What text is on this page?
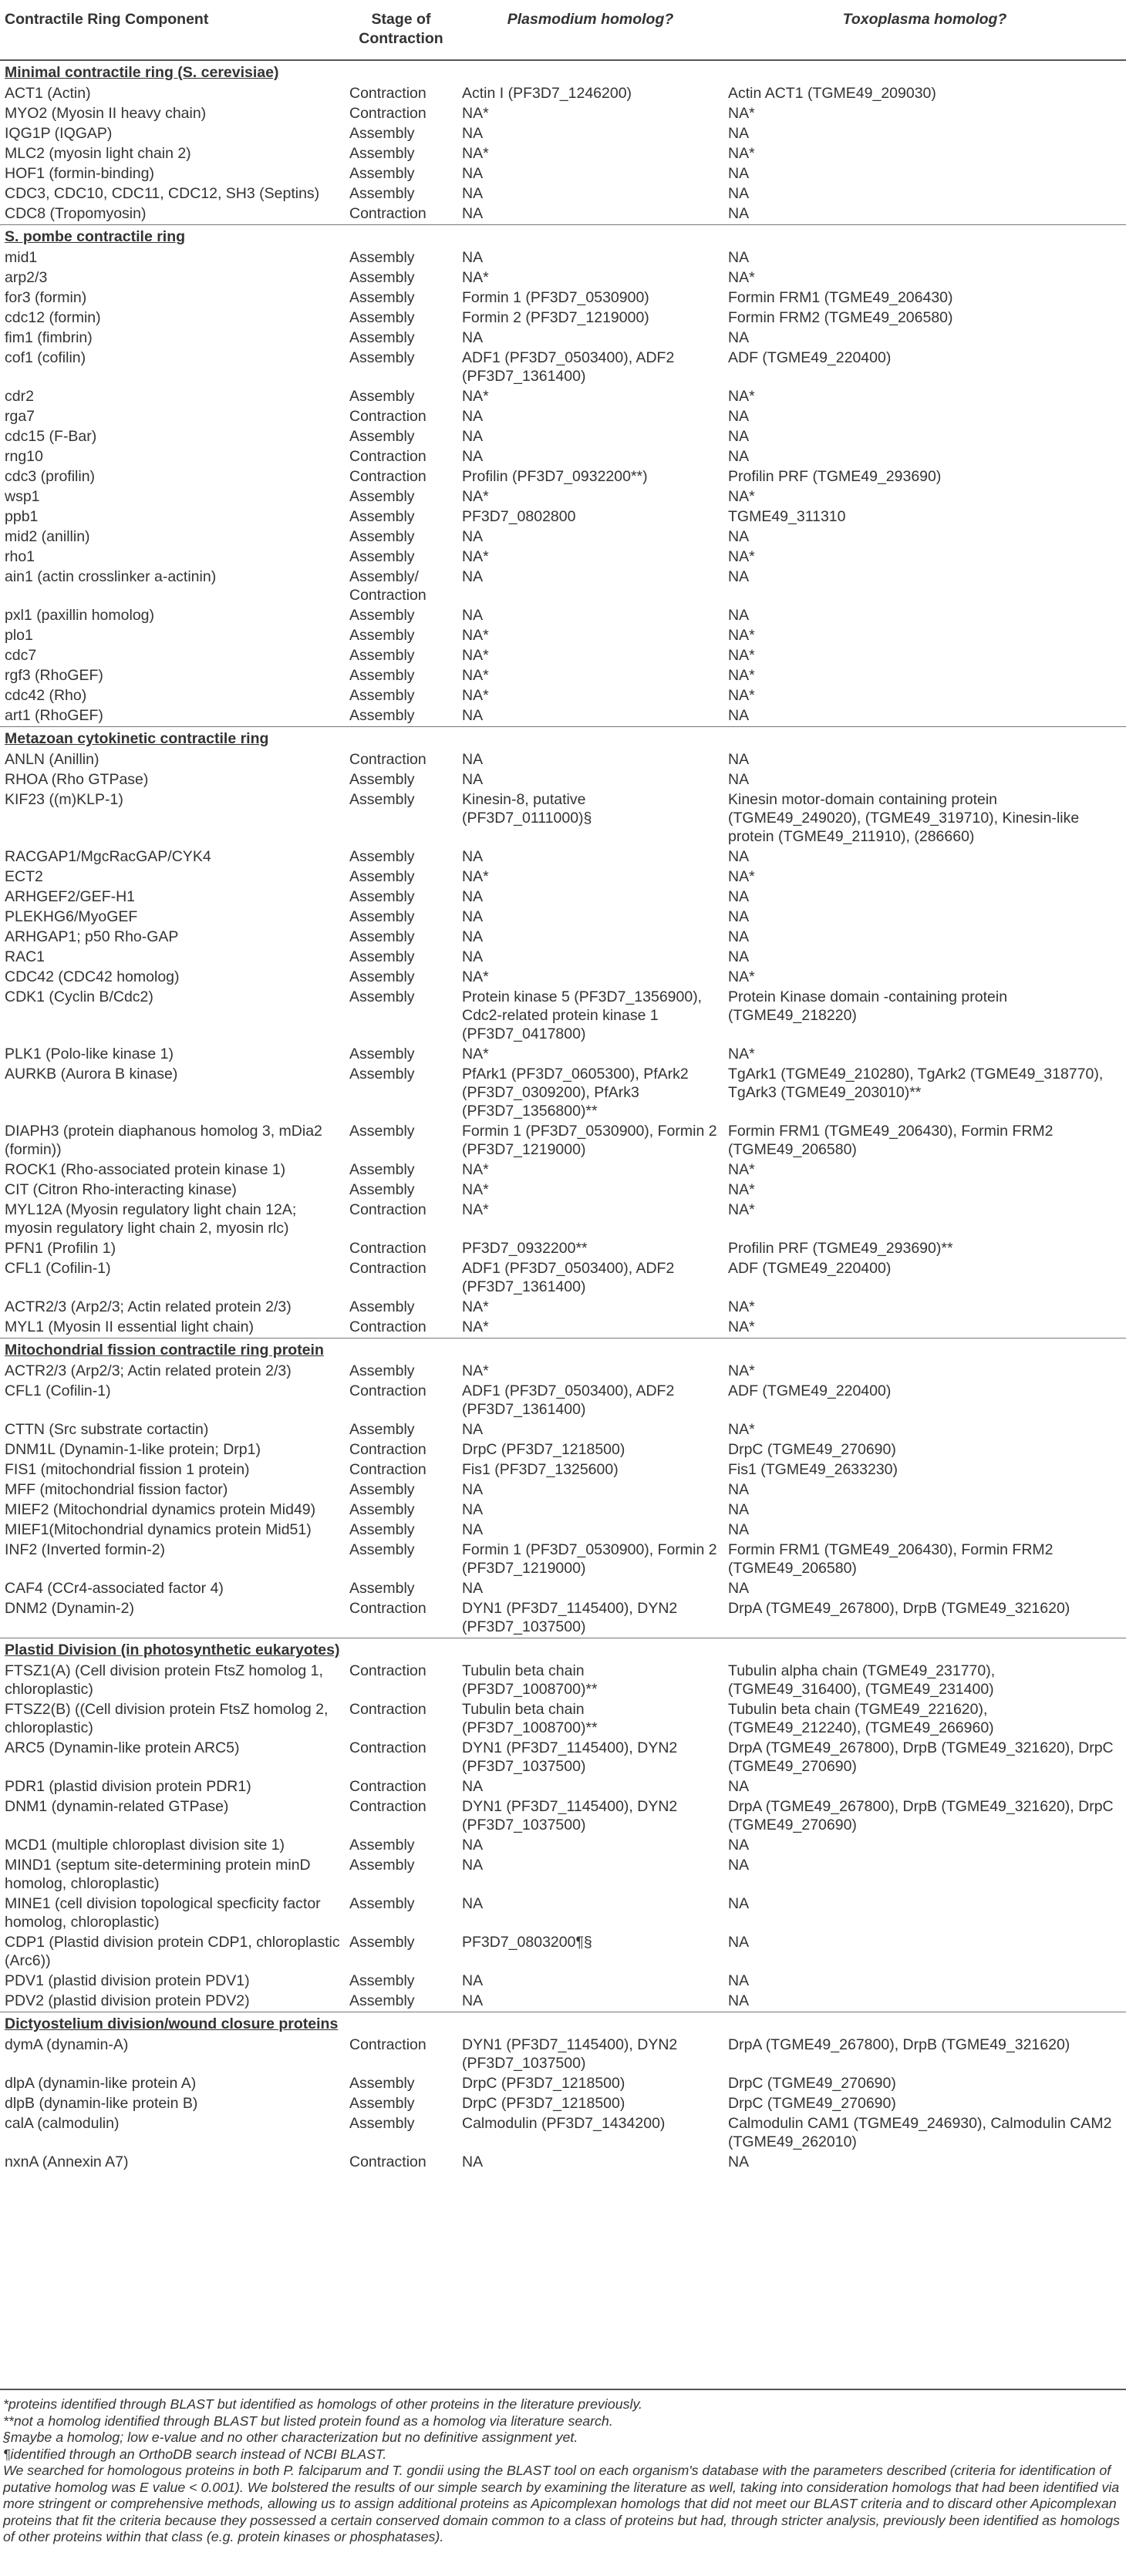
Contractile Ring Component	Stage of Contraction	Plasmodium homolog?	Toxoplasma homolog?
Minimal contractile ring (S. cerevisiae)			
ACT1 (Actin)	Contraction	Actin I (PF3D7_1246200)	Actin ACT1 (TGME49_209030)
MYO2 (Myosin II heavy chain)	Contraction	NA*	NA*
IQG1P (IQGAP)	Assembly	NA	NA
MLC2 (myosin light chain 2)	Assembly	NA*	NA*
HOF1 (formin-binding)	Assembly	NA	NA
CDC3, CDC10, CDC11, CDC12, SH3 (Septins)	Assembly	NA	NA
CDC8 (Tropomyosin)	Contraction	NA	NA
S. pombe contractile ring			
mid1	Assembly	NA	NA
arp2/3	Assembly	NA*	NA*
for3 (formin)	Assembly	Formin 1 (PF3D7_0530900)	Formin FRM1 (TGME49_206430)
cdc12 (formin)	Assembly	Formin 2 (PF3D7_1219000)	Formin FRM2 (TGME49_206580)
fim1 (fimbrin)	Assembly	NA	NA
cof1 (cofilin)	Assembly	ADF1 (PF3D7_0503400), ADF2 (PF3D7_1361400)	ADF (TGME49_220400)
cdr2	Assembly	NA*	NA*
rga7	Contraction	NA	NA
cdc15 (F-Bar)	Assembly	NA	NA
rng10	Contraction	NA	NA
cdc3 (profilin)	Contraction	Profilin (PF3D7_0932200**)	Profilin PRF (TGME49_293690)
wsp1	Assembly	NA*	NA*
ppb1	Assembly	PF3D7_0802800	TGME49_311310
mid2 (anillin)	Assembly	NA	NA
rho1	Assembly	NA*	NA*
ain1 (actin crosslinker a-actinin)	Assembly/ Contraction	NA	NA
pxl1 (paxillin homolog)	Assembly	NA	NA
plo1	Assembly	NA*	NA*
cdc7	Assembly	NA*	NA*
rgf3 (RhoGEF)	Assembly	NA*	NA*
cdc42 (Rho)	Assembly	NA*	NA*
art1 (RhoGEF)	Assembly	NA	NA
Metazoan cytokinetic contractile ring			
ANLN (Anillin)	Contraction	NA	NA
RHOA (Rho GTPase)	Assembly	NA	NA
KIF23 ((m)KLP-1)	Assembly	Kinesin-8, putative (PF3D7_0111000)§	Kinesin motor-domain containing protein (TGME49_249020), (TGME49_319710), Kinesin-like protein (TGME49_211910), (286660)
RACGAP1/MgcRacGAP/CYK4	Assembly	NA	NA
ECT2	Assembly	NA*	NA*
ARHGEF2/GEF-H1	Assembly	NA	NA
PLEKHG6/MyoGEF	Assembly	NA	NA
ARHGAP1; p50 Rho-GAP	Assembly	NA	NA
RAC1	Assembly	NA	NA
CDC42 (CDC42 homolog)	Assembly	NA*	NA*
CDK1 (Cyclin B/Cdc2)	Assembly	Protein kinase 5 (PF3D7_1356900), Cdc2-related protein kinase 1 (PF3D7_0417800)	Protein Kinase domain -containing protein (TGME49_218220)
PLK1 (Polo-like kinase 1)	Assembly	NA*	NA*
AURKB (Aurora B kinase)	Assembly	PfArk1 (PF3D7_0605300), PfArk2 (PF3D7_0309200), PfArk3 (PF3D7_1356800)**	TgArk1 (TGME49_210280), TgArk2 (TGME49_318770), TgArk3 (TGME49_203010)**
DIAPH3 (protein diaphanous homolog 3, mDia2 (formin))	Assembly	Formin 1 (PF3D7_0530900), Formin 2 (PF3D7_1219000)	Formin FRM1 (TGME49_206430), Formin FRM2 (TGME49_206580)
ROCK1 (Rho-associated protein kinase 1)	Assembly	NA*	NA*
CIT (Citron Rho-interacting kinase)	Assembly	NA*	NA*
MYL12A (Myosin regulatory light chain 12A; myosin regulatory light chain 2, myosin rlc)	Contraction	NA*	NA*
PFN1 (Profilin 1)	Contraction	PF3D7_0932200**	Profilin PRF (TGME49_293690)**
CFL1 (Cofilin-1)	Contraction	ADF1 (PF3D7_0503400), ADF2 (PF3D7_1361400)	ADF (TGME49_220400)
ACTR2/3 (Arp2/3; Actin related protein 2/3)	Assembly	NA*	NA*
MYL1 (Myosin II essential light chain)	Contraction	NA*	NA*
Mitochondrial fission contractile ring protein			
ACTR2/3 (Arp2/3; Actin related protein 2/3)	Assembly	NA*	NA*
CFL1 (Cofilin-1)	Contraction	ADF1 (PF3D7_0503400), ADF2 (PF3D7_1361400)	ADF (TGME49_220400)
CTTN (Src substrate cortactin)	Assembly	NA	NA*
DNM1L (Dynamin-1-like protein; Drp1)	Contraction	DrpC (PF3D7_1218500)	DrpC (TGME49_270690)
FIS1 (mitochondrial fission 1 protein)	Contraction	Fis1 (PF3D7_1325600)	Fis1 (TGME49_2633230)
MFF (mitochondrial fission factor)	Assembly	NA	NA
MIEF2 (Mitochondrial dynamics protein Mid49)	Assembly	NA	NA
MIEF1(Mitochondrial dynamics protein Mid51)	Assembly	NA	NA
INF2 (Inverted formin-2)	Assembly	Formin 1 (PF3D7_0530900), Formin 2 (PF3D7_1219000)	Formin FRM1 (TGME49_206430), Formin FRM2 (TGME49_206580)
CAF4 (CCr4-associated factor 4)	Assembly	NA	NA
DNM2 (Dynamin-2)	Contraction	DYN1 (PF3D7_1145400), DYN2 (PF3D7_1037500)	DrpA (TGME49_267800), DrpB (TGME49_321620)
Plastid Division (in photosynthetic eukaryotes)			
FTSZ1(A) (Cell division protein FtsZ homolog 1, chloroplastic)	Contraction	Tubulin beta chain (PF3D7_1008700)**	Tubulin alpha chain (TGME49_231770), (TGME49_316400), (TGME49_231400)
FTSZ2(B) ((Cell division protein FtsZ homolog 2, chloroplastic)	Contraction	Tubulin beta chain (PF3D7_1008700)**	Tubulin beta chain (TGME49_221620), (TGME49_212240), (TGME49_266960)
ARC5 (Dynamin-like protein ARC5)	Contraction	DYN1 (PF3D7_1145400), DYN2 (PF3D7_1037500)	DrpA (TGME49_267800), DrpB (TGME49_321620), DrpC (TGME49_270690)
PDR1 (plastid division protein PDR1)	Contraction	NA	NA
DNM1 (dynamin-related GTPase)	Contraction	DYN1 (PF3D7_1145400), DYN2 (PF3D7_1037500)	DrpA (TGME49_267800), DrpB (TGME49_321620), DrpC (TGME49_270690)
MCD1 (multiple chloroplast division site 1)	Assembly	NA	NA
MIND1 (septum site-determining protein minD homolog, chloroplastic)	Assembly	NA	NA
MINE1 (cell division topological specficity factor homolog, chloroplastic)	Assembly	NA	NA
CDP1 (Plastid division protein CDP1, chloroplastic (Arc6))	Assembly	PF3D7_0803200¶§	NA
PDV1 (plastid division protein PDV1)	Assembly	NA	NA
PDV2 (plastid division protein PDV2)	Assembly	NA	NA
Dictyostelium division/wound closure proteins			
dymA (dynamin-A)	Contraction	DYN1 (PF3D7_1145400), DYN2 (PF3D7_1037500)	DrpA (TGME49_267800), DrpB (TGME49_321620)
dlpA (dynamin-like protein A)	Assembly	DrpC (PF3D7_1218500)	DrpC (TGME49_270690)
dlpB (dynamin-like protein B)	Assembly	DrpC (PF3D7_1218500)	DrpC (TGME49_270690)
calA (calmodulin)	Assembly	Calmodulin (PF3D7_1434200)	Calmodulin CAM1 (TGME49_246930), Calmodulin CAM2 (TGME49_262010)
nxnA (Annexin A7)	Contraction	NA	NA
*proteins identified through BLAST but identified as homologs of other proteins in the literature previously.
**not a homolog identified through BLAST but listed protein found as a homolog via literature search.
§maybe a homolog; low e-value and no other characterization but no definitive assignment yet.
¶identified through an OrthoDB search instead of NCBI BLAST.
We searched for homologous proteins in both P. falciparum and T. gondii using the BLAST tool on each organism's database with the parameters described (criteria for identification of putative homolog was E value < 0.001). We bolstered the results of our simple search by examining the literature as well, taking into consideration homologs that had been identified via more stringent or comprehensive methods, allowing us to assign additional proteins as Apicomplexan homologs that did not meet our BLAST criteria and to discard other Apicomplexan proteins that fit the criteria because they possessed a certain conserved domain common to a class of proteins but had, through stricter analysis, previously been identified as homologs of other proteins within that class (e.g. protein kinases or phosphatases).
